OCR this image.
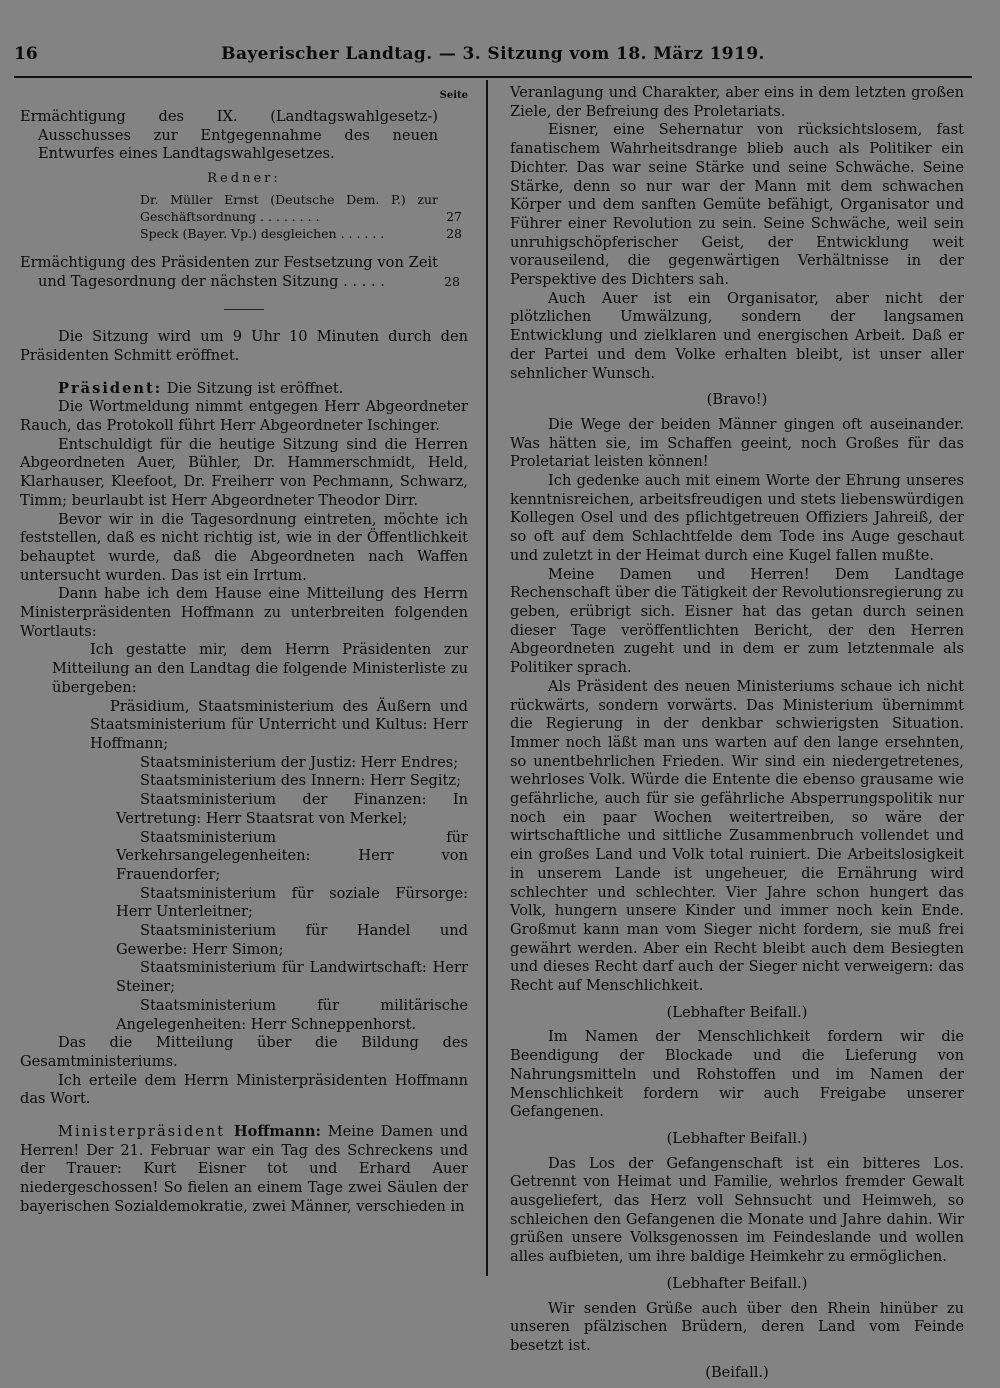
16	Bayerischer Landtag. — 3. Sitzung vom 18. März 1919.

Seite

Ermächtigung des IX. (Landtagswahlgesetz-) Ausschusses zur Entgegennahme des neuen Entwurfes eines Landtagswahlgesetzes.

Redner:

Dr. Müller Ernst (Deutsche Dem. P.) zur Geschäftsordnung . . . . . . . .	27

Speck (Bayer. Vp.) desgleichen . . . . . .	28

Ermächtigung des Präsidenten zur Festsetzung von Zeit und Tagesordnung der nächsten Sitzung . . . . .	28

Die Sitzung wird um 9 Uhr 10 Minuten durch den Präsidenten Schmitt eröffnet.

Präsident: Die Sitzung ist eröffnet.

Die Wortmeldung nimmt entgegen Herr Abgeordneter Rauch, das Protokoll führt Herr Abgeordneter Ischinger.

Entschuldigt für die heutige Sitzung sind die Herren Abgeordneten Auer, Bühler, Dr. Hammerschmidt, Held, Klarhauser, Kleefoot, Dr. Freiherr von Pechmann, Schwarz, Timm; beurlaubt ist Herr Abgeordneter Theodor Dirr.

Bevor wir in die Tagesordnung eintreten, möchte ich feststellen, daß es nicht richtig ist, wie in der Öffentlichkeit behauptet wurde, daß die Abgeordneten nach Waffen untersucht wurden. Das ist ein Irrtum.

Dann habe ich dem Hause eine Mitteilung des Herrn Ministerpräsidenten Hoffmann zu unterbreiten folgenden Wortlauts:

Ich gestatte mir, dem Herrn Präsidenten zur Mitteilung an den Landtag die folgende Ministerliste zu übergeben:

Präsidium, Staatsministerium des Äußern und Staatsministerium für Unterricht und Kultus: Herr Hoffmann;

Staatsministerium der Justiz: Herr Endres;

Staatsministerium des Innern: Herr Segitz;

Staatsministerium der Finanzen: In Vertretung: Herr Staatsrat von Merkel;

Staatsministerium für Verkehrsangelegenheiten: Herr von Frauendorfer;

Staatsministerium für soziale Fürsorge: Herr Unterleitner;

Staatsministerium für Handel und Gewerbe: Herr Simon;

Staatsministerium für Landwirtschaft: Herr Steiner;

Staatsministerium für militärische Angelegenheiten: Herr Schneppenhorst.

Das die Mitteilung über die Bildung des Gesamtministeriums.

Ich erteile dem Herrn Ministerpräsidenten Hoffmann das Wort.

Ministerpräsident Hoffmann: Meine Damen und Herren! Der 21. Februar war ein Tag des Schreckens und der Trauer: Kurt Eisner tot und Erhard Auer niedergeschossen! So fielen an einem Tage zwei Säulen der bayerischen Sozialdemokratie, zwei Männer, verschieden in

Veranlagung und Charakter, aber eins in dem letzten großen Ziele, der Befreiung des Proletariats.

Eisner, eine Sehernatur von rücksichtslosem, fast fanatischem Wahrheitsdrange blieb auch als Politiker ein Dichter. Das war seine Stärke und seine Schwäche. Seine Stärke, denn so nur war der Mann mit dem schwachen Körper und dem sanften Gemüte befähigt, Organisator und Führer einer Revolution zu sein. Seine Schwäche, weil sein unruhigschöpferischer Geist, der Entwicklung weit vorauseilend, die gegenwärtigen Verhältnisse in der Perspektive des Dichters sah.

Auch Auer ist ein Organisator, aber nicht der plötzlichen Umwälzung, sondern der langsamen Entwicklung und zielklaren und energischen Arbeit. Daß er der Partei und dem Volke erhalten bleibt, ist unser aller sehnlicher Wunsch.

(Bravo!)

Die Wege der beiden Männer gingen oft auseinander. Was hätten sie, im Schaffen geeint, noch Großes für das Proletariat leisten können!

Ich gedenke auch mit einem Worte der Ehrung unseres kenntnisreichen, arbeitsfreudigen und stets liebenswürdigen Kollegen Osel und des pflichtgetreuen Offiziers Jahreiß, der so oft auf dem Schlachtfelde dem Tode ins Auge geschaut und zuletzt in der Heimat durch eine Kugel fallen mußte.

Meine Damen und Herren! Dem Landtage Rechenschaft über die Tätigkeit der Revolutionsregierung zu geben, erübrigt sich. Eisner hat das getan durch seinen dieser Tage veröffentlichten Bericht, der den Herren Abgeordneten zugeht und in dem er zum letztenmale als Politiker sprach.

Als Präsident des neuen Ministeriums schaue ich nicht rückwärts, sondern vorwärts. Das Ministerium übernimmt die Regierung in der denkbar schwierigsten Situation. Immer noch läßt man uns warten auf den lange ersehnten, so unentbehrlichen Frieden. Wir sind ein niedergetretenes, wehrloses Volk. Würde die Entente die ebenso grausame wie gefährliche, auch für sie gefährliche Absperrungspolitik nur noch ein paar Wochen weitertreiben, so wäre der wirtschaftliche und sittliche Zusammenbruch vollendet und ein großes Land und Volk total ruiniert. Die Arbeitslosigkeit in unserem Lande ist ungeheuer, die Ernährung wird schlechter und schlechter. Vier Jahre schon hungert das Volk, hungern unsere Kinder und immer noch kein Ende. Großmut kann man vom Sieger nicht fordern, sie muß frei gewährt werden. Aber ein Recht bleibt auch dem Besiegten und dieses Recht darf auch der Sieger nicht verweigern: das Recht auf Menschlichkeit.

(Lebhafter Beifall.)

Im Namen der Menschlichkeit fordern wir die Beendigung der Blockade und die Lieferung von Nahrungsmitteln und Rohstoffen und im Namen der Menschlichkeit fordern wir auch Freigabe unserer Gefangenen.

(Lebhafter Beifall.)

Das Los der Gefangenschaft ist ein bitteres Los. Getrennt von Heimat und Familie, wehrlos fremder Gewalt ausgeliefert, das Herz voll Sehnsucht und Heimweh, so schleichen den Gefangenen die Monate und Jahre dahin. Wir grüßen unsere Volksgenossen im Feindeslande und wollen alles aufbieten, um ihre baldige Heimkehr zu ermöglichen.

(Lebhafter Beifall.)

Wir senden Grüße auch über den Rhein hinüber zu unseren pfälzischen Brüdern, deren Land vom Feinde besetzt ist.

(Beifall.)
